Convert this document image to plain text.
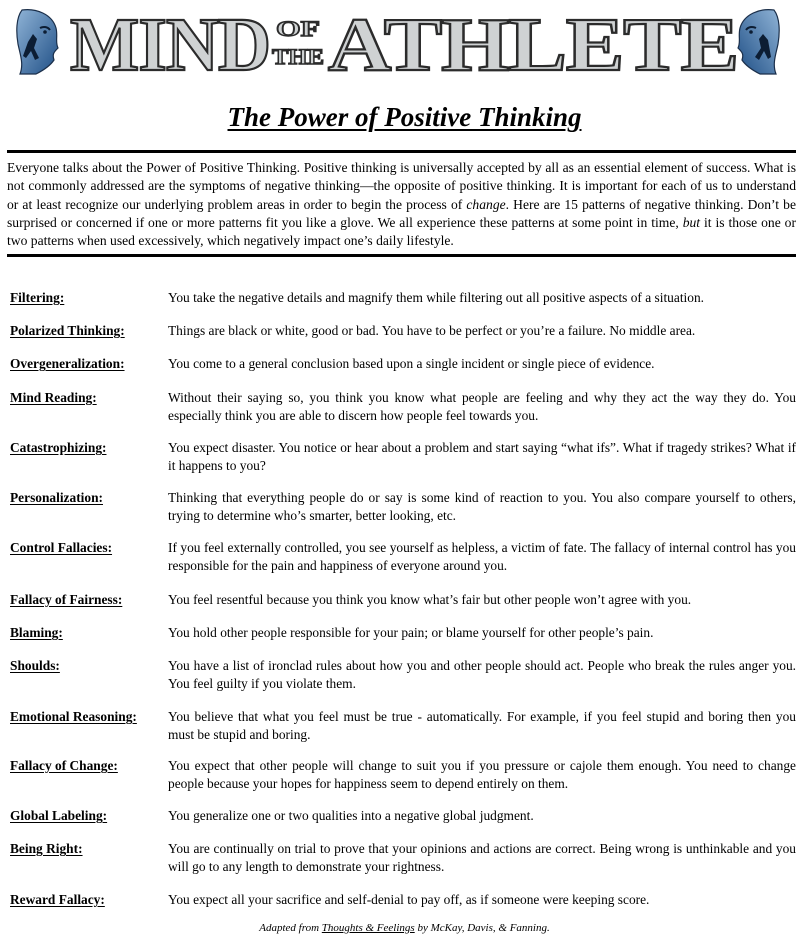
MIND OF
THE ATHLETE
The Power of Positive Thinking
Everyone talks about the Power of Positive Thinking. Positive thinking is universally accepted by all as an essential element of success. What is not commonly addressed are the symptoms of negative thinking—the opposite of positive thinking. It is important for each of us to understand or at least recognize our underlying problem areas in order to begin the process of change. Here are 15 patterns of negative thinking. Don’t be surprised or concerned if one or more patterns fit you like a glove. We all experience these patterns at some point in time, but it is those one or two patterns when used excessively, which negatively impact one’s daily lifestyle.
Filtering:	You take the negative details and magnify them while filtering out all positive aspects of a situation.
Polarized Thinking:	Things are black or white, good or bad. You have to be perfect or you’re a failure. No middle area.
Overgeneralization:	You come to a general conclusion based upon a single incident or single piece of evidence.
Mind Reading:	Without their saying so, you think you know what people are feeling and why they act the way they do. You especially think you are able to discern how people feel towards you.
Catastrophizing:	You expect disaster. You notice or hear about a problem and start saying “what ifs”. What if tragedy strikes? What if it happens to you?
Personalization:	Thinking that everything people do or say is some kind of reaction to you. You also compare yourself to others, trying to determine who’s smarter, better looking, etc.
Control Fallacies:	If you feel externally controlled, you see yourself as helpless, a victim of fate. The fallacy of internal control has you responsible for the pain and happiness of everyone around you.
Fallacy of Fairness:	You feel resentful because you think you know what’s fair but other people won’t agree with you.
Blaming:	You hold other people responsible for your pain; or blame yourself for other people’s pain.
Shoulds:	You have a list of ironclad rules about how you and other people should act. People who break the rules anger you. You feel guilty if you violate them.
Emotional Reasoning:	You believe that what you feel must be true - automatically. For example, if you feel stupid and boring then you must be stupid and boring.
Fallacy of Change:	You expect that other people will change to suit you if you pressure or cajole them enough. You need to change people because your hopes for happiness seem to depend entirely on them.
Global Labeling:	You generalize one or two qualities into a negative global judgment.
Being Right:	You are continually on trial to prove that your opinions and actions are correct. Being wrong is unthinkable and you will go to any length to demonstrate your rightness.
Reward Fallacy:	You expect all your sacrifice and self-denial to pay off, as if someone were keeping score.
Adapted from Thoughts & Feelings by McKay, Davis, & Fanning.
